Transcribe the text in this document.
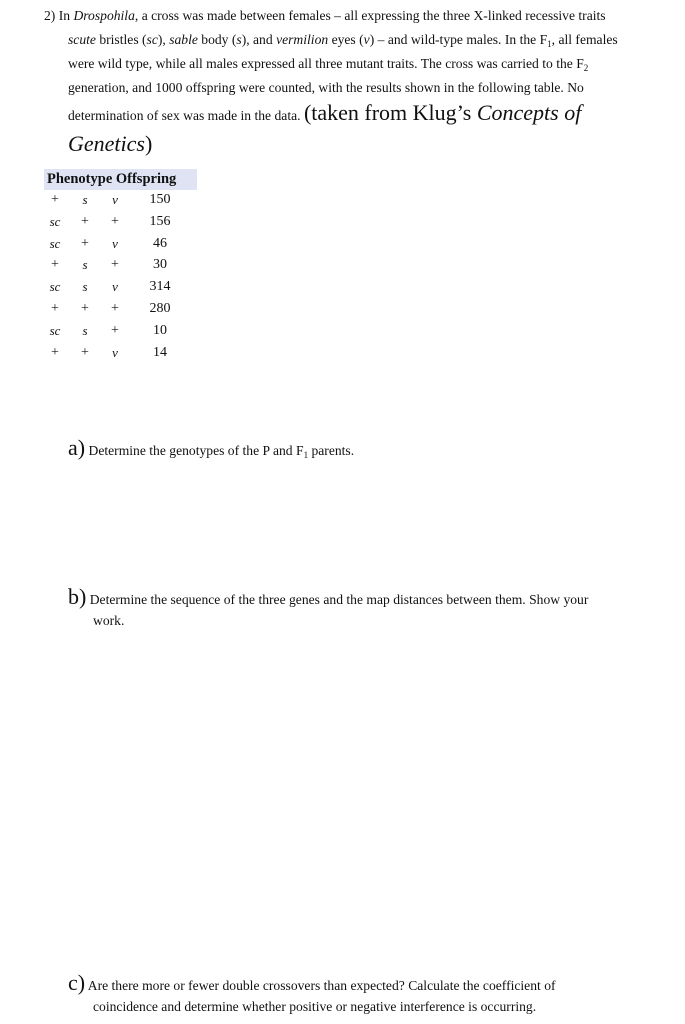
2) In Drospohila, a cross was made between females – all expressing the three X-linked recessive traits
scute bristles (sc), sable body (s), and vermilion eyes (v) – and wild-type males. In the $F_1$, all females
were wild type, while all males expressed all three mutant traits. The cross was carried to the $F_2$
generation, and 1000 offspring were counted, with the results shown in the following table. No
determination of sex was made in the data. (taken from Klug’s Concepts of
Genetics)
Phenotype Offspring
+	s	v	150
sc	+	+	156
sc	+	v	46
+	s	+	30
sc	s	v	314
+	+	+	280
sc	s	+	10
+	+	v	14
a) Determine the genotypes of the P and $F_1$ parents.
b) Determine the sequence of the three genes and the map distances between them. Show your
work.
c) Are there more or fewer double crossovers than expected? Calculate the coefficient of
coincidence and determine whether positive or negative interference is occurring.
